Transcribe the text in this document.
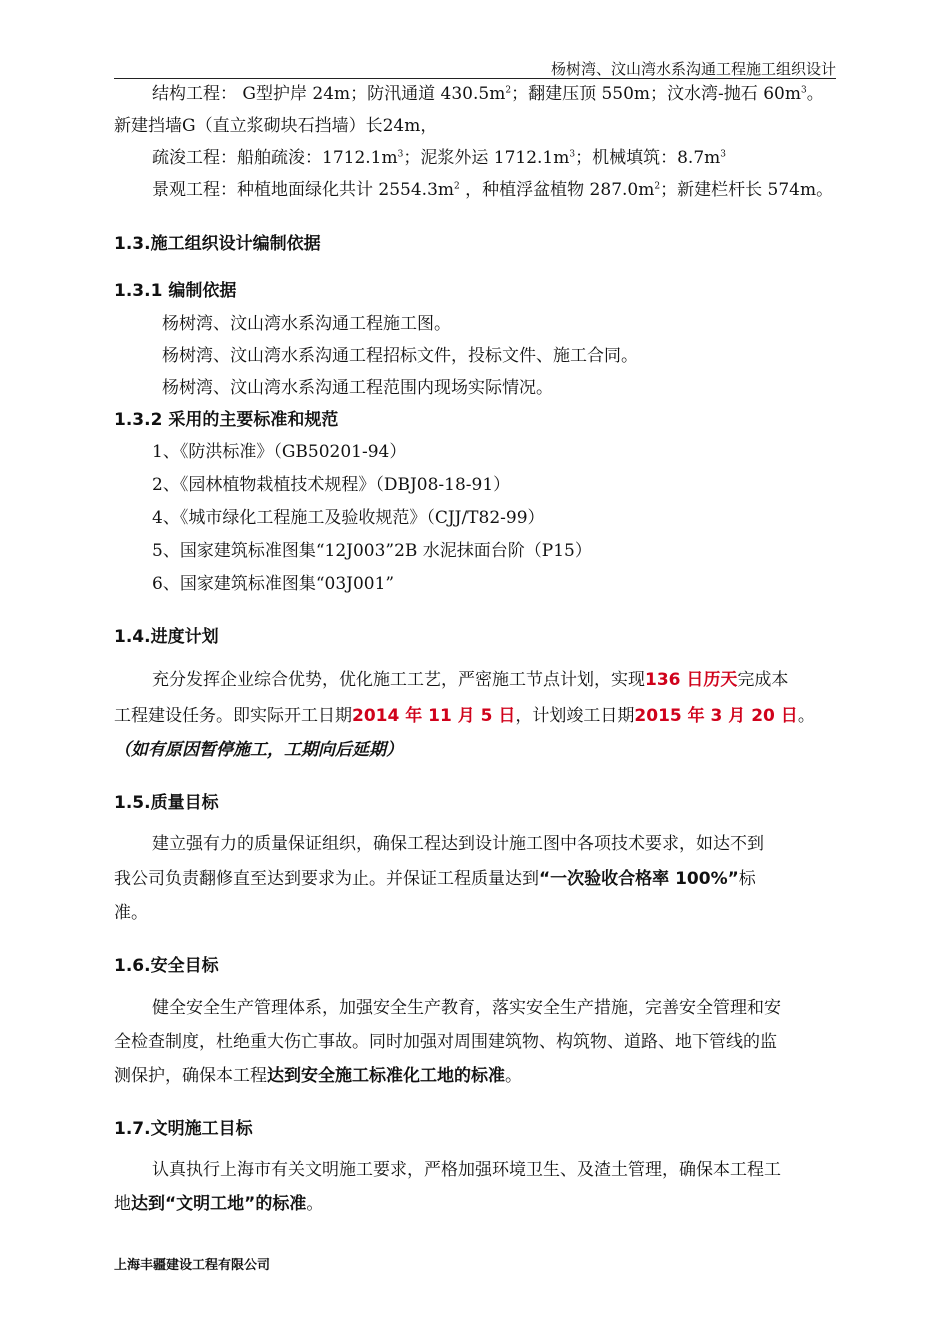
杨树湾、汶山湾水系沟通工程施工组织设计
结构工程： G型护岸 24m；防汛通道 $430.5m^2$；翻建压顶 550m；汶水湾-抛石 $60m^3$。
新建挡墙G（直立浆砌块石挡墙）长24m，
疏浚工程：船舶疏浚：$1712.1m^3$；泥浆外运 $1712.1m^3$；机械填筑：$8.7m^3$
景观工程：种植地面绿化共计 $2554.3m^2$ ，种植浮盆植物 $287.0m^2$；新建栏杆长 574m。
1.3.施工组织设计编制依据
1.3.1 编制依据
杨树湾、汶山湾水系沟通工程施工图。
杨树湾、汶山湾水系沟通工程招标文件，投标文件、施工合同。
杨树湾、汶山湾水系沟通工程范围内现场实际情况。
1.3.2 采用的主要标准和规范
1、《防洪标准》（GB50201-94）
2、《园林植物栽植技术规程》（DBJ08-18-91）
4、《城市绿化工程施工及验收规范》（CJJ/T82-99）
5、国家建筑标准图集“12J003”2B 水泥抹面台阶（P15）
6、国家建筑标准图集“03J001”
1.4.进度计划
充分发挥企业综合优势，优化施工工艺，严密施工节点计划，实现136 日历天完成本
工程建设任务。即实际开工日期2014 年 11 月 5 日，计划竣工日期2015 年 3 月 20 日。
（如有原因暂停施工，工期向后延期）
1.5.质量目标
建立强有力的质量保证组织，确保工程达到设计施工图中各项技术要求，如达不到
我公司负责翻修直至达到要求为止。并保证工程质量达到“一次验收合格率 100%”标
准。
1.6.安全目标
健全安全生产管理体系，加强安全生产教育，落实安全生产措施，完善安全管理和安
全检查制度，杜绝重大伤亡事故。同时加强对周围建筑物、构筑物、道路、地下管线的监
测保护，确保本工程达到安全施工标准化工地的标准。
1.7.文明施工目标
认真执行上海市有关文明施工要求，严格加强环境卫生、及渣土管理，确保本工程工
地达到“文明工地”的标准。
上海丰疆建设工程有限公司
